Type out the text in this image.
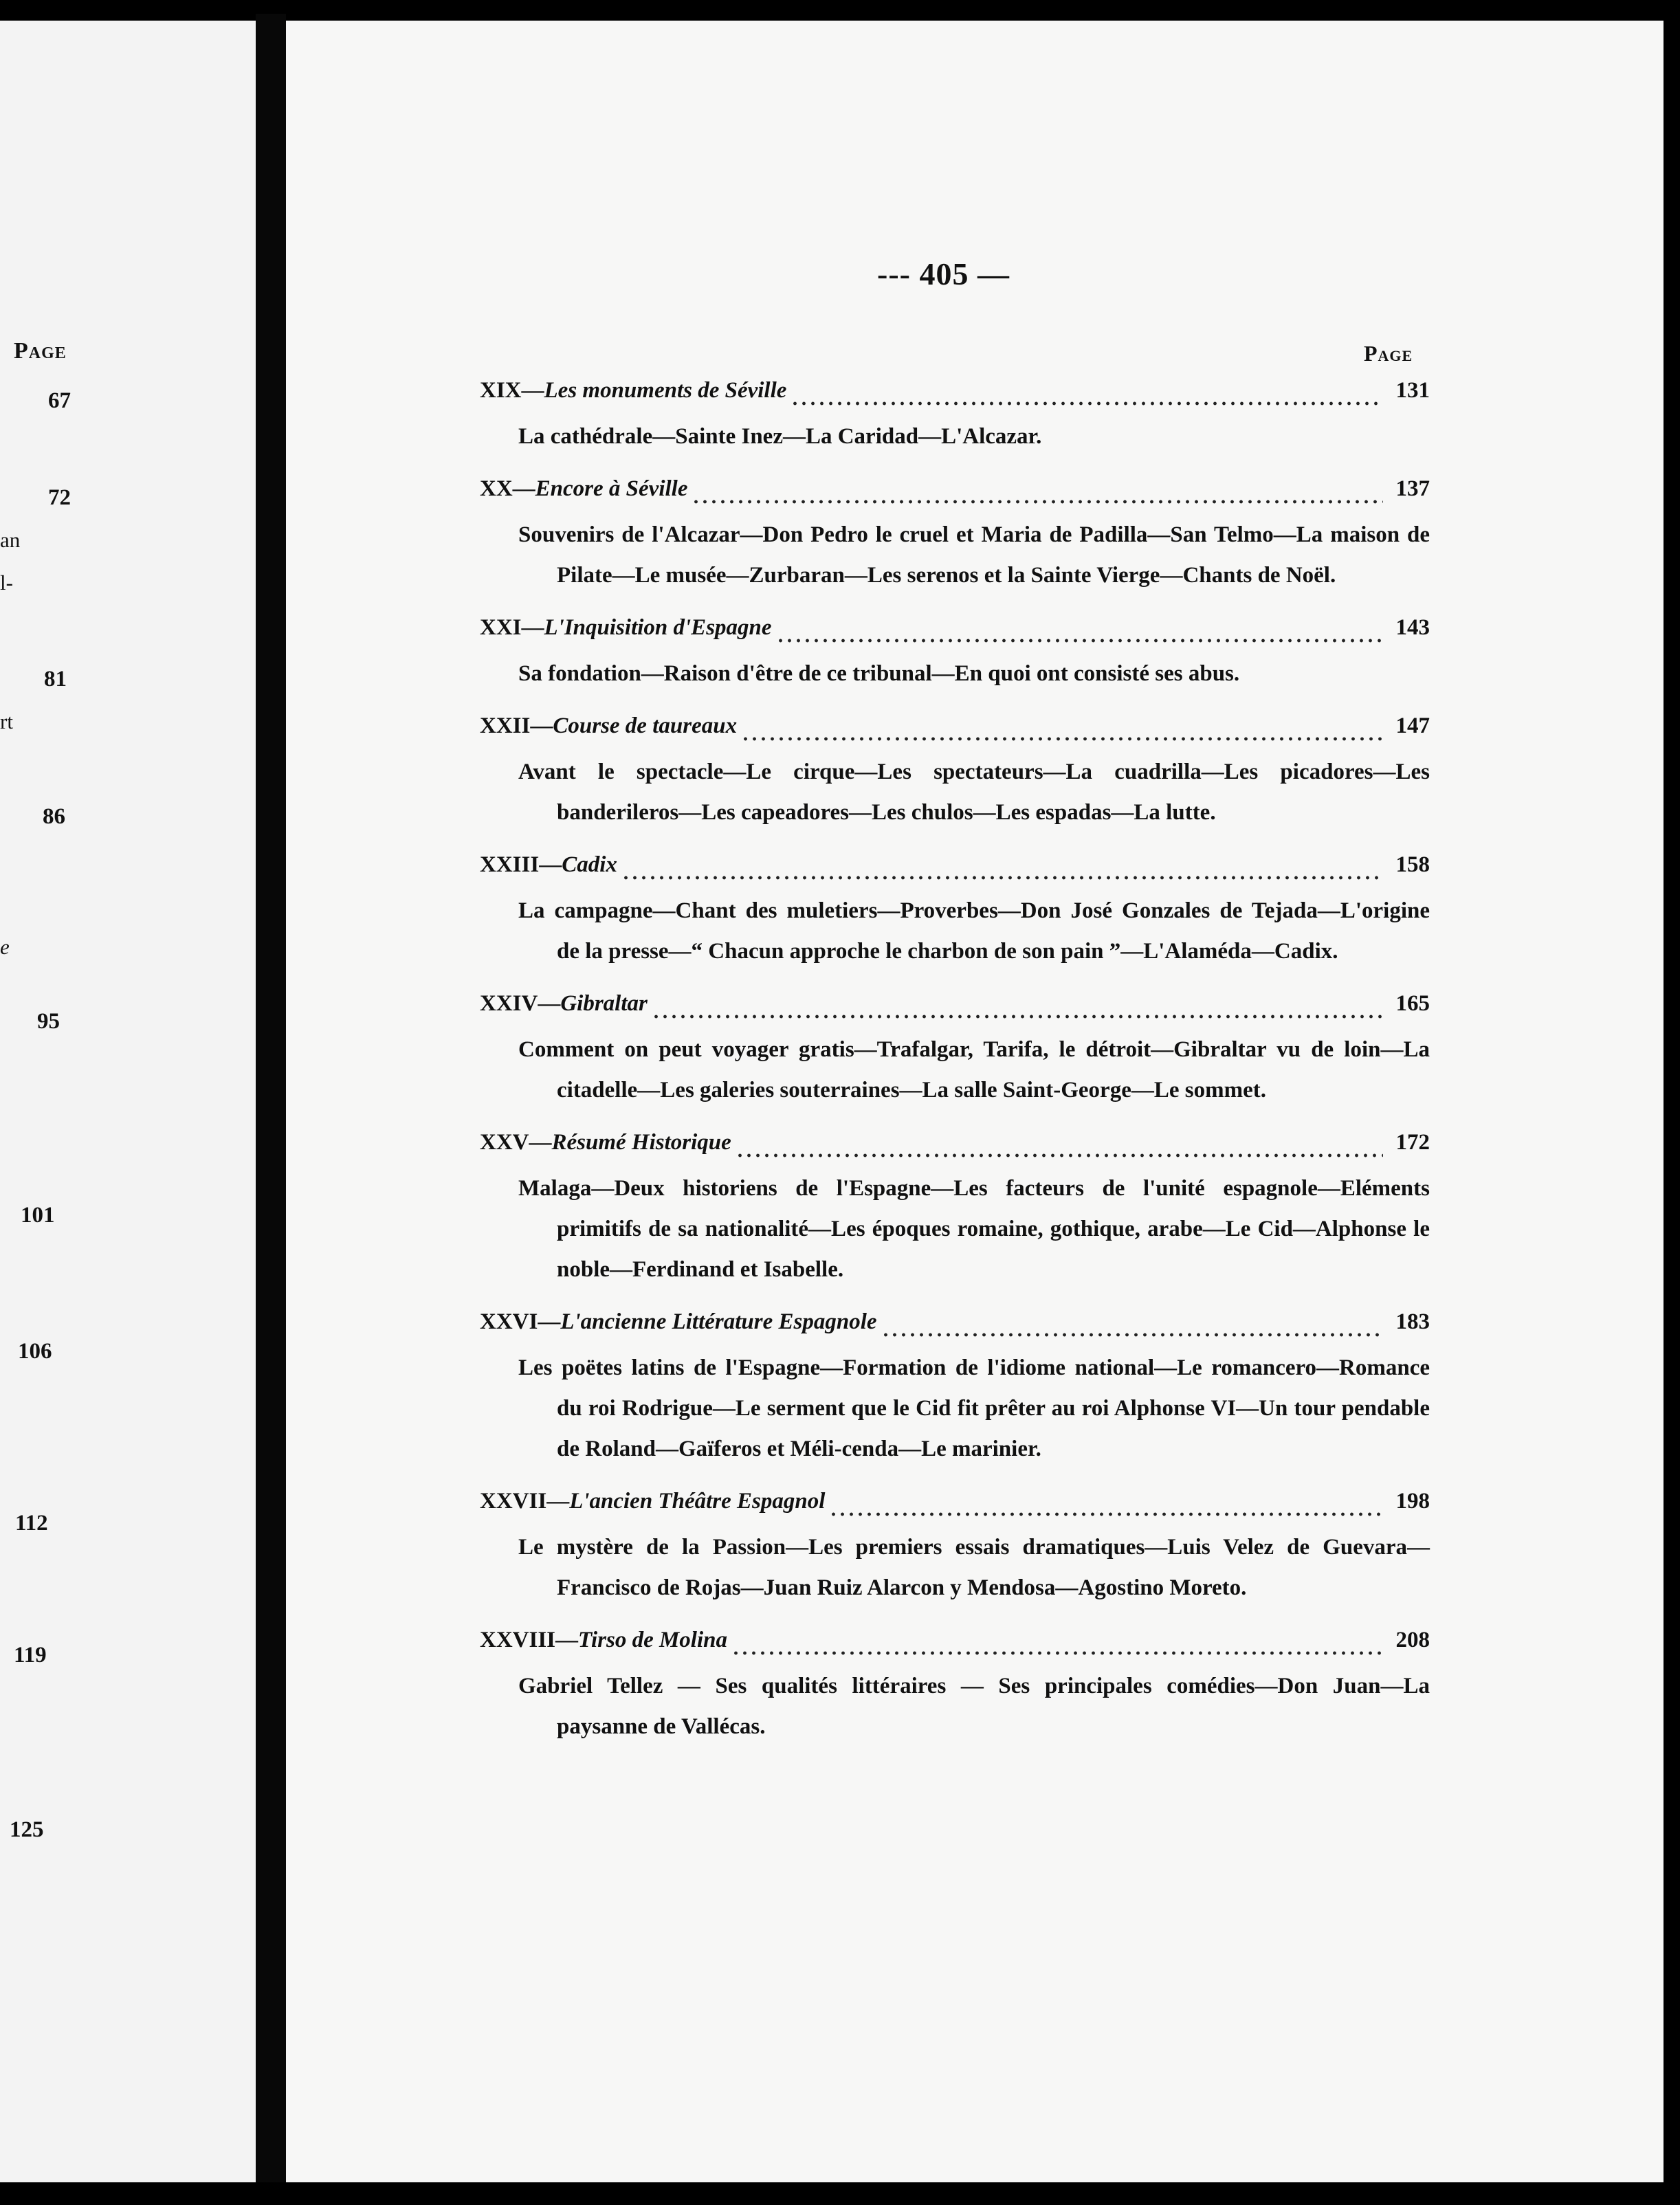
Page
67
72
an
l-
81
rt
86
e
95
101
106
112
119
125
--- 405 —
Page
XIX — Les monuments de Séville	131
La cathédrale—Sainte Inez—La Caridad—L'Alcazar.
XX — Encore à Séville	137
Souvenirs de l'Alcazar—Don Pedro le cruel et Maria de Padilla—San Telmo—La maison de Pilate—Le musée—Zurbaran—Les serenos et la Sainte Vierge—Chants de Noël.
XXI — L'Inquisition d'Espagne	143
Sa fondation—Raison d'être de ce tribunal—En quoi ont consisté ses abus.
XXII — Course de taureaux	147
Avant le spectacle—Le cirque—Les spectateurs—La cuadrilla—Les picadores—Les banderileros—Les capeadores—Les chulos—Les espadas—La lutte.
XXIII — Cadix	158
La campagne—Chant des muletiers—Proverbes—Don José Gonzales de Tejada—L'origine de la presse—“ Chacun approche le charbon de son pain ”—L'Alaméda—Cadix.
XXIV — Gibraltar	165
Comment on peut voyager gratis—Trafalgar, Tarifa, le détroit—Gibraltar vu de loin—La citadelle—Les galeries souterraines—La salle Saint-George—Le sommet.
XXV — Résumé Historique	172
Malaga—Deux historiens de l'Espagne—Les facteurs de l'unité espagnole—Eléments primitifs de sa nationalité—Les époques romaine, gothique, arabe—Le Cid—Alphonse le noble—Ferdinand et Isabelle.
XXVI — L'ancienne Littérature Espagnole	183
Les poëtes latins de l'Espagne—Formation de l'idiome national—Le romancero—Romance du roi Rodrigue—Le serment que le Cid fit prêter au roi Alphonse VI—Un tour pendable de Roland—Gaïferos et Méli-cenda—Le marinier.
XXVII — L'ancien Théâtre Espagnol	198
Le mystère de la Passion—Les premiers essais dramatiques—Luis Velez de Guevara—Francisco de Rojas—Juan Ruiz Alarcon y Mendosa—Agostino Moreto.
XXVIII — Tirso de Molina	208
Gabriel Tellez — Ses qualités littéraires — Ses principales comédies—Don Juan—La paysanne de Vallécas.
